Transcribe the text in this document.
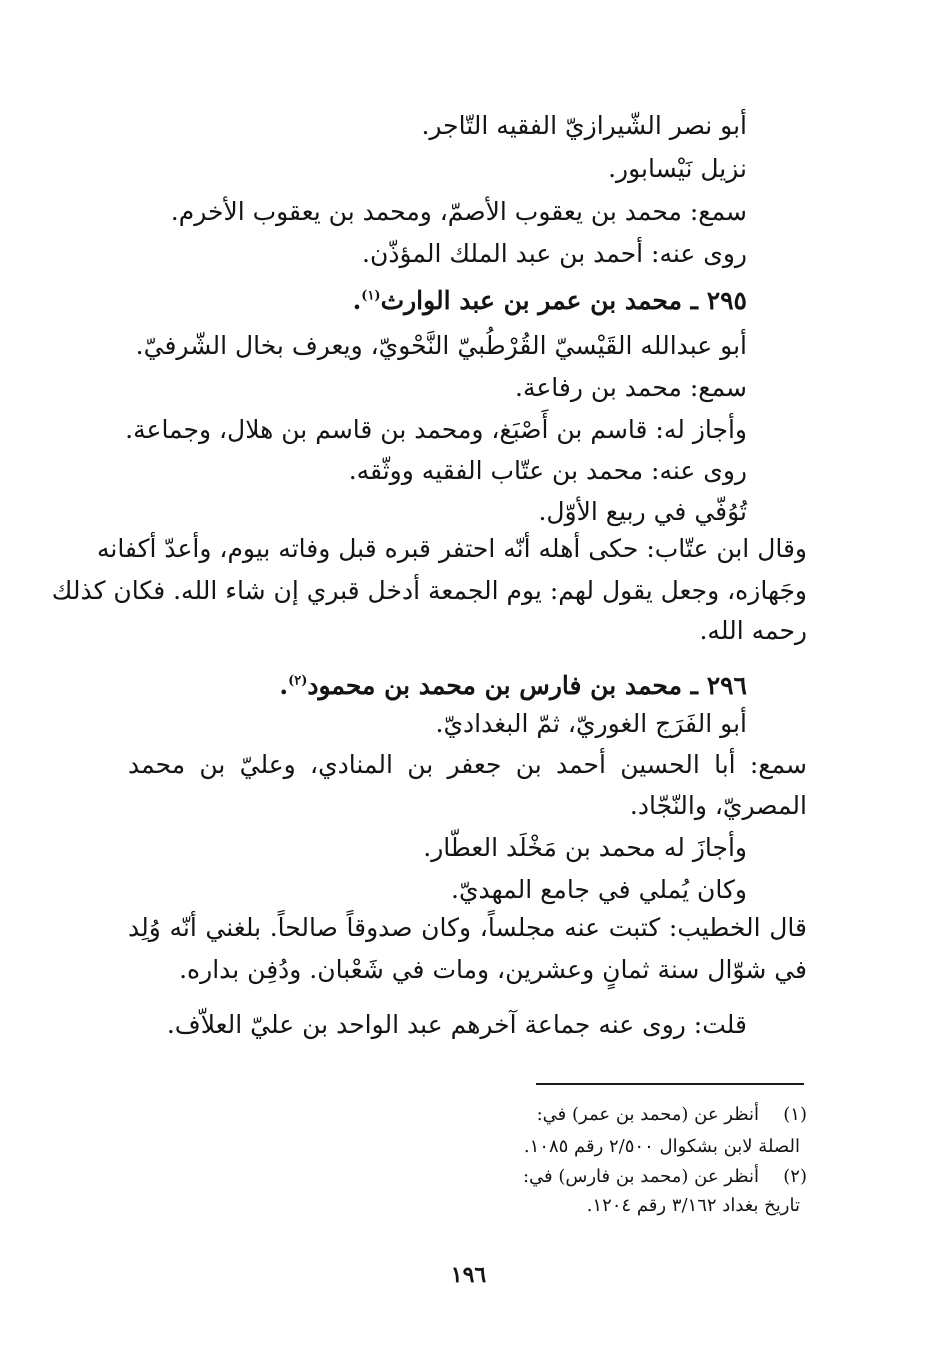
أبو نصر الشّيرازيّ الفقيه التّاجر.
نزيل نَيْسابور.
سمع: محمد بن يعقوب الأصمّ، ومحمد بن يعقوب الأخرم.
روى عنه: أحمد بن عبد الملك المؤذّن.
٢٩٥ ـ محمد بن عمر بن عبد الوارث$^{(١)}$.
أبو عبدالله القَيْسيّ القُرْطُبيّ النَّحْويّ، ويعرف بخال الشّرفيّ.
سمع: محمد بن رفاعة.
وأجاز له: قاسم بن أَصْبَغ، ومحمد بن قاسم بن هلال، وجماعة.
روى عنه: محمد بن عتّاب الفقيه ووثّقه.
تُوُفّي في ربيع الأوّل.
وقال ابن عتّاب: حكى أهله أنّه احتفر قبره قبل وفاته بيوم، وأعدّ أكفانه
وجَهازه، وجعل يقول لهم: يوم الجمعة أدخل قبري إن شاء الله. فكان كذلك
رحمه الله.
٢٩٦ ـ محمد بن فارس بن محمد بن محمود$^{(٢)}$.
أبو الفَرَج الغوريّ، ثمّ البغداديّ.
سمع: أبا الحسين أحمد بن جعفر بن المنادي، وعليّ بن محمد
المصريّ، والنّجّاد.
وأجازَ له محمد بن مَخْلَد العطّار.
وكان يُملي في جامع المهديّ.
قال الخطيب: كتبت عنه مجلساً، وكان صدوقاً صالحاً. بلغني أنّه وُلِد
في شوّال سنة ثمانٍ وعشرين، ومات في شَعْبان. ودُفِن بداره.
قلت: روى عنه جماعة آخرهم عبد الواحد بن عليّ العلاّف.
(١)
أنظر عن (محمد بن عمر) في:
الصلة لابن بشكوال ٢/٥٠٠ رقم ١٠٨٥.
(٢)
أنظر عن (محمد بن فارس) في:
تاريخ بغداد ٣/١٦٢ رقم ١٢٠٤.
١٩٦
